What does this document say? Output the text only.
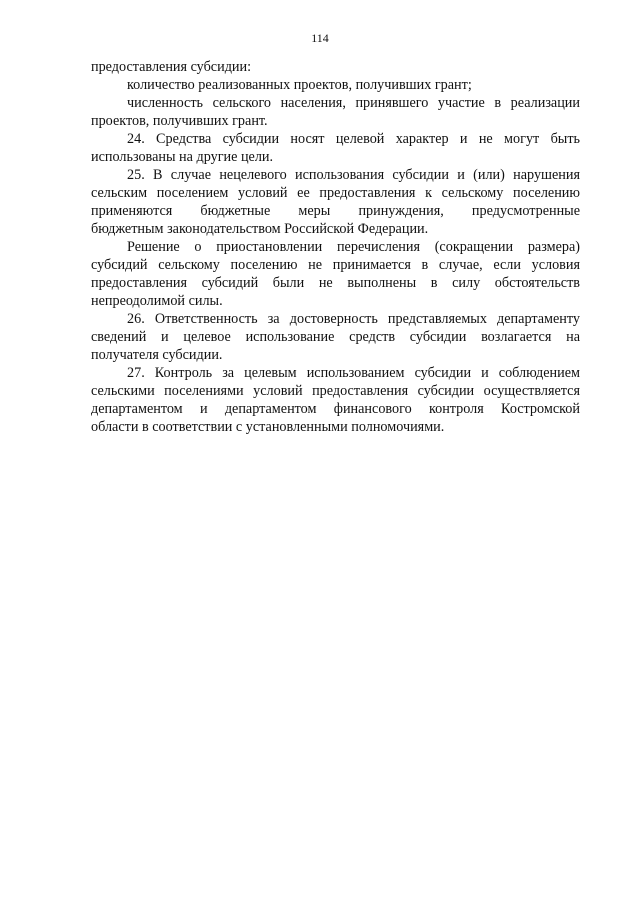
114
предоставления субсидии:
количество реализованных проектов, получивших грант;
численность сельского населения, принявшего участие в реализации
проектов, получивших грант.
24. Средства субсидии носят целевой характер и не могут быть
использованы на другие цели.
25. В случае нецелевого использования субсидии и (или) нарушения
сельским поселением условий ее предоставления к сельскому поселению
применяются бюджетные меры принуждения, предусмотренные
бюджетным законодательством Российской Федерации.
Решение о приостановлении перечисления (сокращении размера)
субсидий сельскому поселению не принимается в случае, если условия
предоставления субсидий были не выполнены в силу обстоятельств
непреодолимой силы.
26. Ответственность за достоверность представляемых департаменту
сведений и целевое использование средств субсидии возлагается на
получателя субсидии.
27. Контроль за целевым использованием субсидии и соблюдением
сельскими поселениями условий предоставления субсидии осуществляется
департаментом и департаментом финансового контроля Костромской
области в соответствии с установленными полномочиями.
